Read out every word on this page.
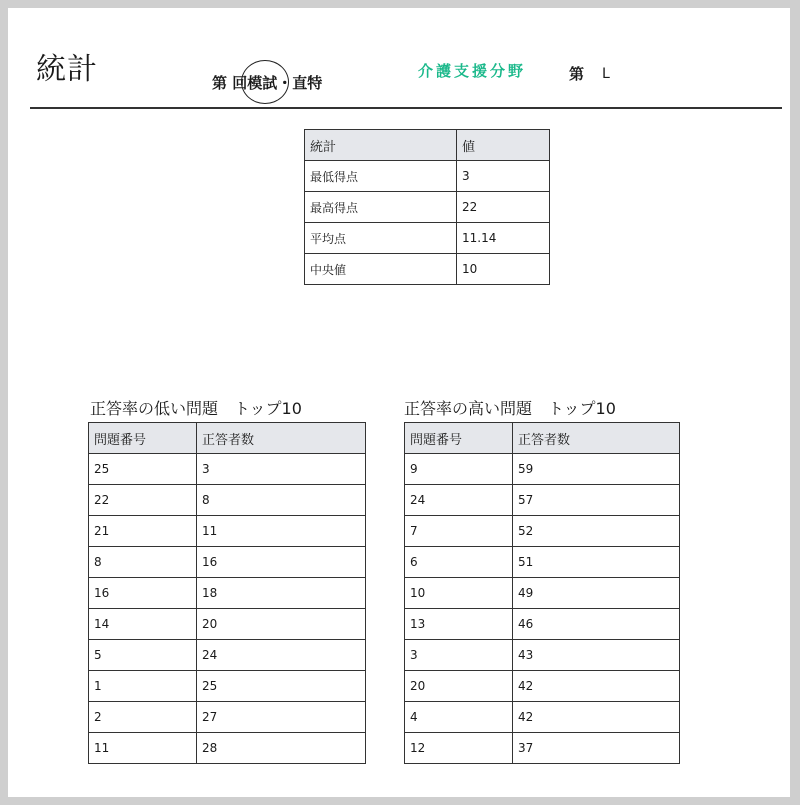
統計	第 回模試・直特
介護支援分野	第 L
統計	値
最低得点	3
最高得点	22
平均点	11.14
中央値	10
正答率の低い問題　トップ10
問題番号	正答者数
25	3
22	8
21	11
8	16
16	18
14	20
5	24
1	25
2	27
11	28
正答率の高い問題　トップ10
問題番号	正答者数
9	59
24	57
7	52
6	51
10	49
13	46
3	43
20	42
4	42
12	37
